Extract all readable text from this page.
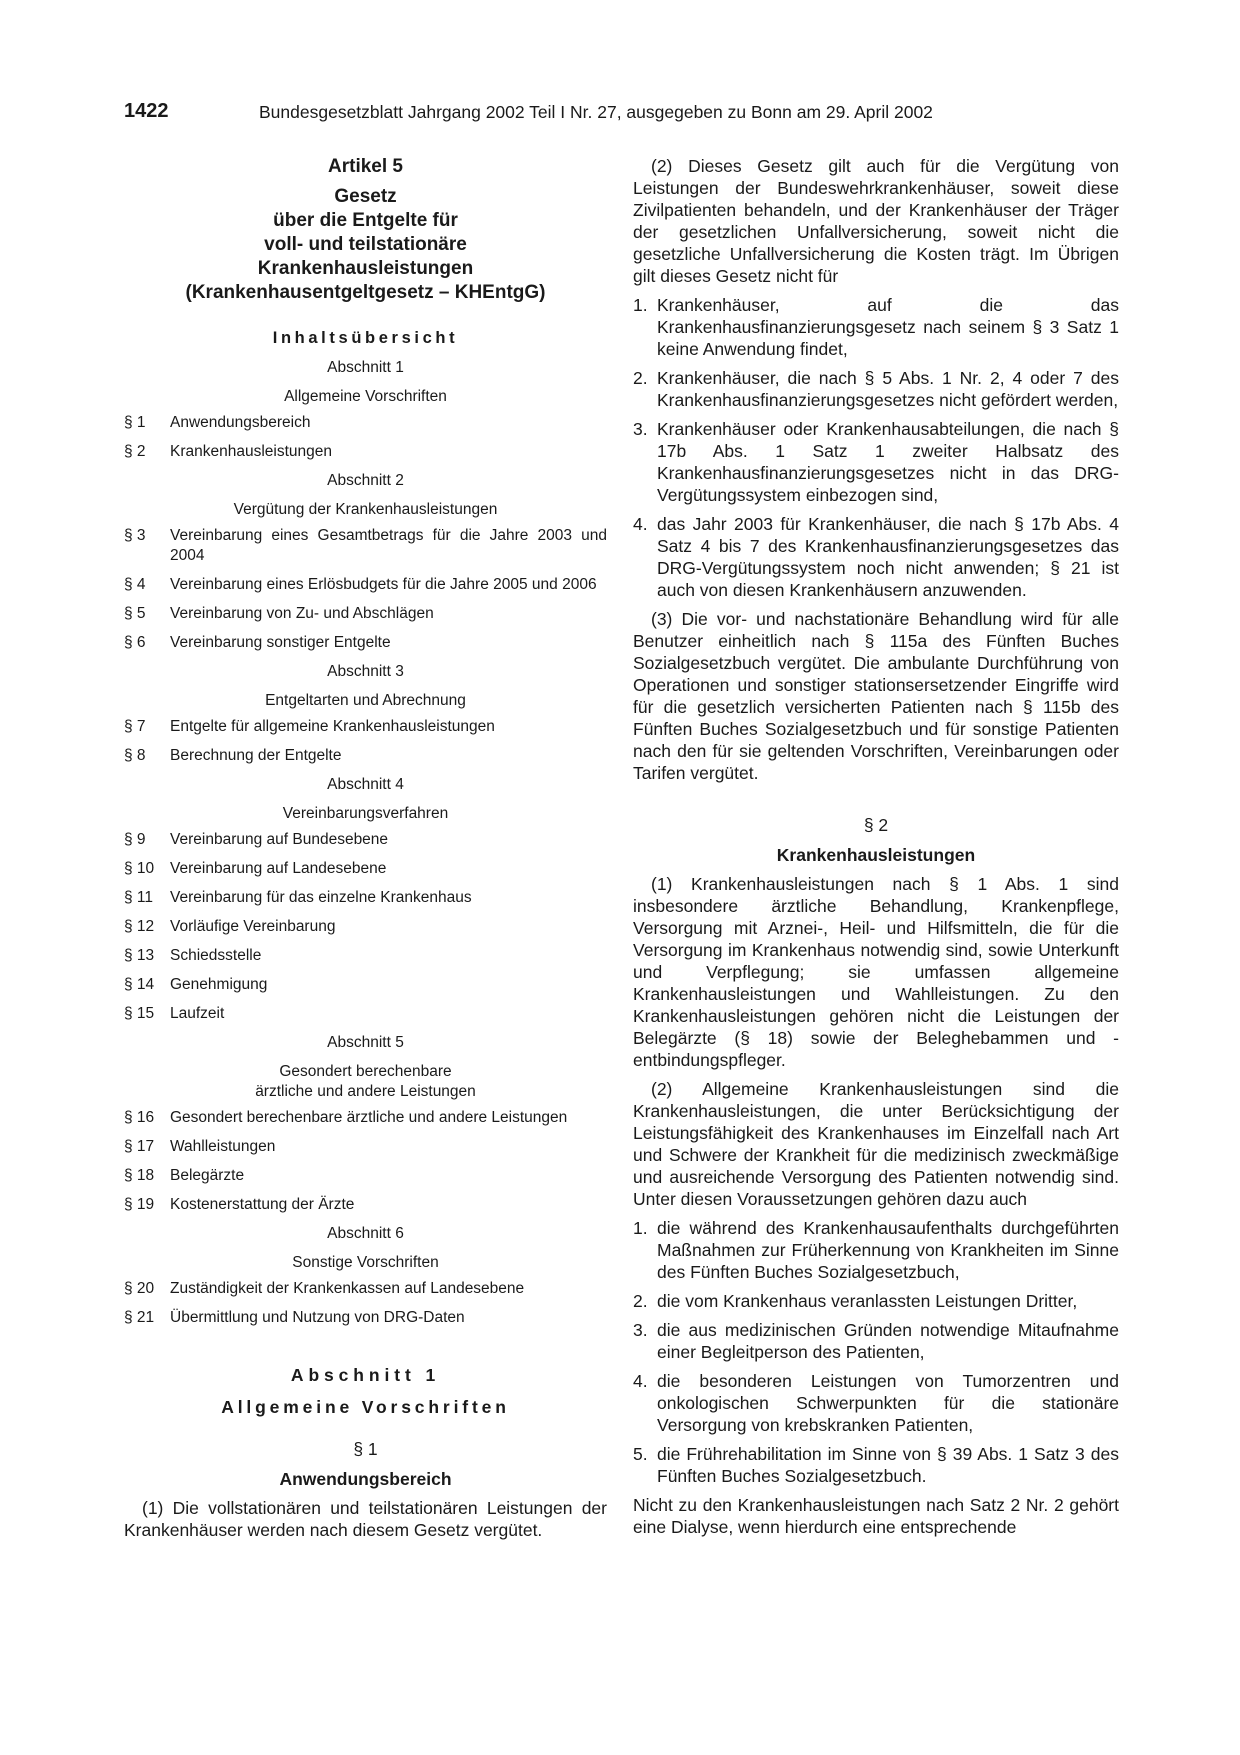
1422	Bundesgesetzblatt Jahrgang 2002 Teil I Nr. 27, ausgegeben zu Bonn am 29. April 2002
Artikel 5
Gesetz
über die Entgelte für
voll- und teilstationäre
Krankenhausleistungen
(Krankenhausentgeltgesetz – KHEntgG)
Inhaltsübersicht
Abschnitt 1
Allgemeine Vorschriften
§ 1	Anwendungsbereich
§ 2	Krankenhausleistungen
Abschnitt 2
Vergütung der Krankenhausleistungen
§ 3	Vereinbarung eines Gesamtbetrags für die Jahre 2003 und 2004
§ 4	Vereinbarung eines Erlösbudgets für die Jahre 2005 und 2006
§ 5	Vereinbarung von Zu- und Abschlägen
§ 6	Vereinbarung sonstiger Entgelte
Abschnitt 3
Entgeltarten und Abrechnung
§ 7	Entgelte für allgemeine Krankenhausleistungen
§ 8	Berechnung der Entgelte
Abschnitt 4
Vereinbarungsverfahren
§ 9	Vereinbarung auf Bundesebene
§ 10	Vereinbarung auf Landesebene
§ 11	Vereinbarung für das einzelne Krankenhaus
§ 12	Vorläufige Vereinbarung
§ 13	Schiedsstelle
§ 14	Genehmigung
§ 15	Laufzeit
Abschnitt 5
Gesondert berechenbare
ärztliche und andere Leistungen
§ 16	Gesondert berechenbare ärztliche und andere Leistungen
§ 17	Wahlleistungen
§ 18	Belegärzte
§ 19	Kostenerstattung der Ärzte
Abschnitt 6
Sonstige Vorschriften
§ 20	Zuständigkeit der Krankenkassen auf Landesebene
§ 21	Übermittlung und Nutzung von DRG-Daten
Abschnitt 1
Allgemeine Vorschriften
§ 1
Anwendungsbereich

(1) Die vollstationären und teilstationären Leistungen der Krankenhäuser werden nach diesem Gesetz vergütet.

(2) Dieses Gesetz gilt auch für die Vergütung von Leistungen der Bundeswehrkrankenhäuser, soweit diese Zivilpatienten behandeln, und der Krankenhäuser der Träger der gesetzlichen Unfallversicherung, soweit nicht die gesetzliche Unfallversicherung die Kosten trägt. Im Übrigen gilt dieses Gesetz nicht für

1. Krankenhäuser, auf die das Krankenhausfinanzierungsgesetz nach seinem § 3 Satz 1 keine Anwendung findet,
2. Krankenhäuser, die nach § 5 Abs. 1 Nr. 2, 4 oder 7 des Krankenhausfinanzierungsgesetzes nicht gefördert werden,
3. Krankenhäuser oder Krankenhausabteilungen, die nach § 17b Abs. 1 Satz 1 zweiter Halbsatz des Krankenhausfinanzierungsgesetzes nicht in das DRG-Vergütungssystem einbezogen sind,
4. das Jahr 2003 für Krankenhäuser, die nach § 17b Abs. 4 Satz 4 bis 7 des Krankenhausfinanzierungsgesetzes das DRG-Vergütungssystem noch nicht anwenden; § 21 ist auch von diesen Krankenhäusern anzuwenden.

(3) Die vor- und nachstationäre Behandlung wird für alle Benutzer einheitlich nach § 115a des Fünften Buches Sozialgesetzbuch vergütet. Die ambulante Durchführung von Operationen und sonstiger stationsersetzender Eingriffe wird für die gesetzlich versicherten Patienten nach § 115b des Fünften Buches Sozialgesetzbuch und für sonstige Patienten nach den für sie geltenden Vorschriften, Vereinbarungen oder Tarifen vergütet.

§ 2
Krankenhausleistungen

(1) Krankenhausleistungen nach § 1 Abs. 1 sind insbesondere ärztliche Behandlung, Krankenpflege, Versorgung mit Arznei-, Heil- und Hilfsmitteln, die für die Versorgung im Krankenhaus notwendig sind, sowie Unterkunft und Verpflegung; sie umfassen allgemeine Krankenhausleistungen und Wahlleistungen. Zu den Krankenhausleistungen gehören nicht die Leistungen der Belegärzte (§ 18) sowie der Beleghebammen und -entbindungspfleger.

(2) Allgemeine Krankenhausleistungen sind die Krankenhausleistungen, die unter Berücksichtigung der Leistungsfähigkeit des Krankenhauses im Einzelfall nach Art und Schwere der Krankheit für die medizinisch zweckmäßige und ausreichende Versorgung des Patienten notwendig sind. Unter diesen Voraussetzungen gehören dazu auch

1. die während des Krankenhausaufenthalts durchgeführten Maßnahmen zur Früherkennung von Krankheiten im Sinne des Fünften Buches Sozialgesetzbuch,
2. die vom Krankenhaus veranlassten Leistungen Dritter,
3. die aus medizinischen Gründen notwendige Mitaufnahme einer Begleitperson des Patienten,
4. die besonderen Leistungen von Tumorzentren und onkologischen Schwerpunkten für die stationäre Versorgung von krebskranken Patienten,
5. die Frührehabilitation im Sinne von § 39 Abs. 1 Satz 3 des Fünften Buches Sozialgesetzbuch.

Nicht zu den Krankenhausleistungen nach Satz 2 Nr. 2 gehört eine Dialyse, wenn hierdurch eine entsprechende
